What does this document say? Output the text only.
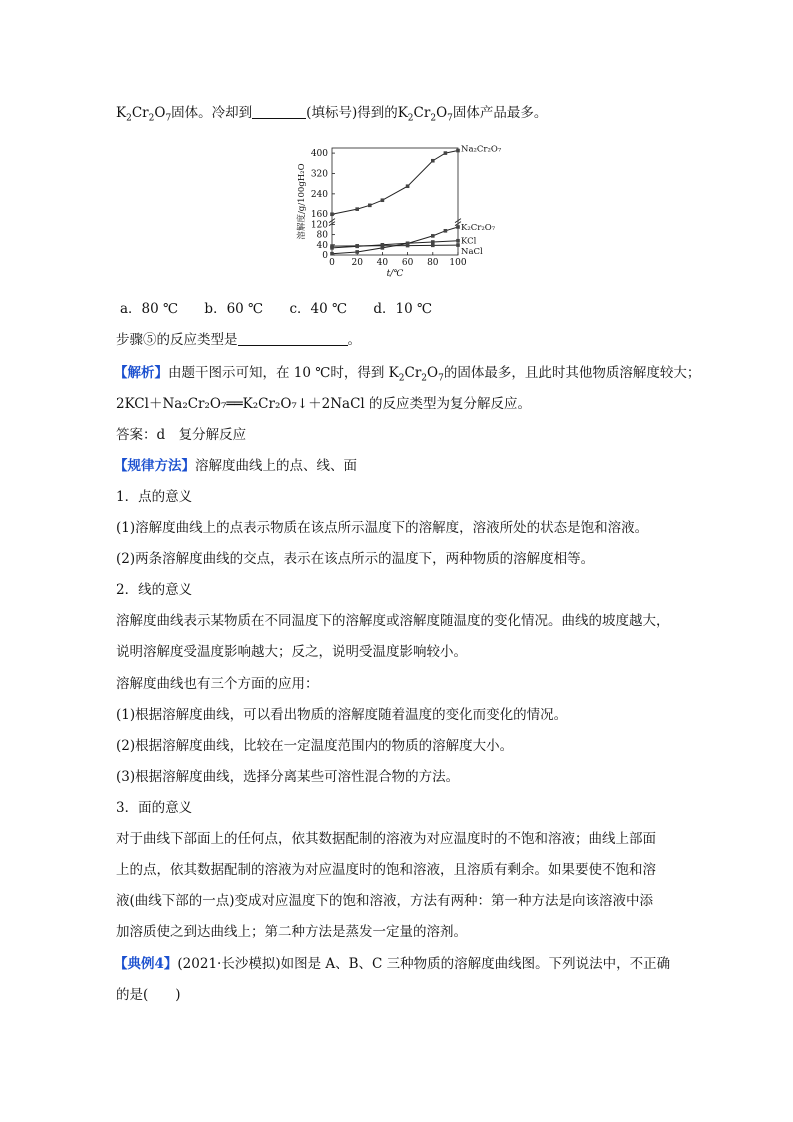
$K_2Cr_2O_7$固体。冷却到	(填标号)得到的$K_2Cr_2O_7$固体产品最多。
0 20 40 60 80 100
0
40
80
120
160
240
320
400
t/℃
溶解度/g/100gH₂O
Na₂Cr₂O₇
K₂Cr₂O₇
KCl
NaCl
a．80 ℃ b．60 ℃ c．40 ℃ d．10 ℃
步骤⑤的反应类型是	。
【解析】由题干图示可知，在 10 ℃时，得到 $K_2Cr_2O_7$的固体最多，且此时其他物质溶解度较大；
2KCl＋Na₂Cr₂O₇══K₂Cr₂O₇↓＋2NaCl 的反应类型为复分解反应。
答案：d　复分解反应
【规律方法】溶解度曲线上的点、线、面
1．点的意义
(1)溶解度曲线上的点表示物质在该点所示温度下的溶解度，溶液所处的状态是饱和溶液。
(2)两条溶解度曲线的交点，表示在该点所示的温度下，两种物质的溶解度相等。
2．线的意义
溶解度曲线表示某物质在不同温度下的溶解度或溶解度随温度的变化情况。曲线的坡度越大，
说明溶解度受温度影响越大；反之，说明受温度影响较小。
溶解度曲线也有三个方面的应用：
(1)根据溶解度曲线，可以看出物质的溶解度随着温度的变化而变化的情况。
(2)根据溶解度曲线，比较在一定温度范围内的物质的溶解度大小。
(3)根据溶解度曲线，选择分离某些可溶性混合物的方法。
3．面的意义
对于曲线下部面上的任何点，依其数据配制的溶液为对应温度时的不饱和溶液；曲线上部面
上的点，依其数据配制的溶液为对应温度时的饱和溶液，且溶质有剩余。如果要使不饱和溶
液(曲线下部的一点)变成对应温度下的饱和溶液，方法有两种：第一种方法是向该溶液中添
加溶质使之到达曲线上；第二种方法是蒸发一定量的溶剂。
【典例4】(2021·长沙模拟)如图是 A、B、C 三种物质的溶解度曲线图。下列说法中，不正确
的是(　　)
